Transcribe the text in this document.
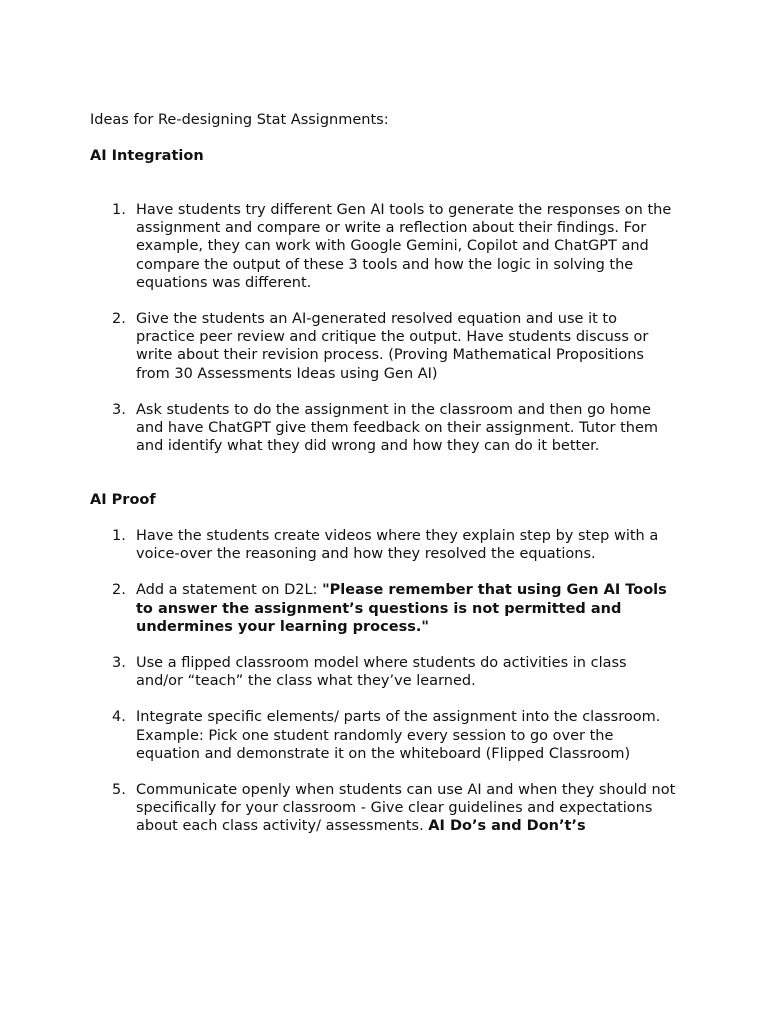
Ideas for Re-designing Stat Assignments:

AI Integration
1. Have students try different Gen AI tools to generate the responses on the assignment and compare or write a reflection about their findings. For example, they can work with Google Gemini, Copilot and ChatGPT and compare the output of these 3 tools and how the logic in solving the equations was different.
2. Give the students an AI-generated resolved equation and use it to practice peer review and critique the output. Have students discuss or write about their revision process. (Proving Mathematical Propositions from 30 Assessments Ideas using Gen AI)
3. Ask students to do the assignment in the classroom and then go home and have ChatGPT give them feedback on their assignment. Tutor them and identify what they did wrong and how they can do it better.
AI Proof
1. Have the students create videos where they explain step by step with a voice-over the reasoning and how they resolved the equations.
2. Add a statement on D2L: "Please remember that using Gen AI Tools to answer the assignment’s questions is not permitted and undermines your learning process."
3. Use a flipped classroom model where students do activities in class and/or “teach” the class what they’ve learned.
4. Integrate specific elements/ parts of the assignment into the classroom. Example: Pick one student randomly every session to go over the equation and demonstrate it on the whiteboard (Flipped Classroom)
5. Communicate openly when students can use AI and when they should not specifically for your classroom - Give clear guidelines and expectations about each class activity/ assessments. AI Do’s and Don’t’s
